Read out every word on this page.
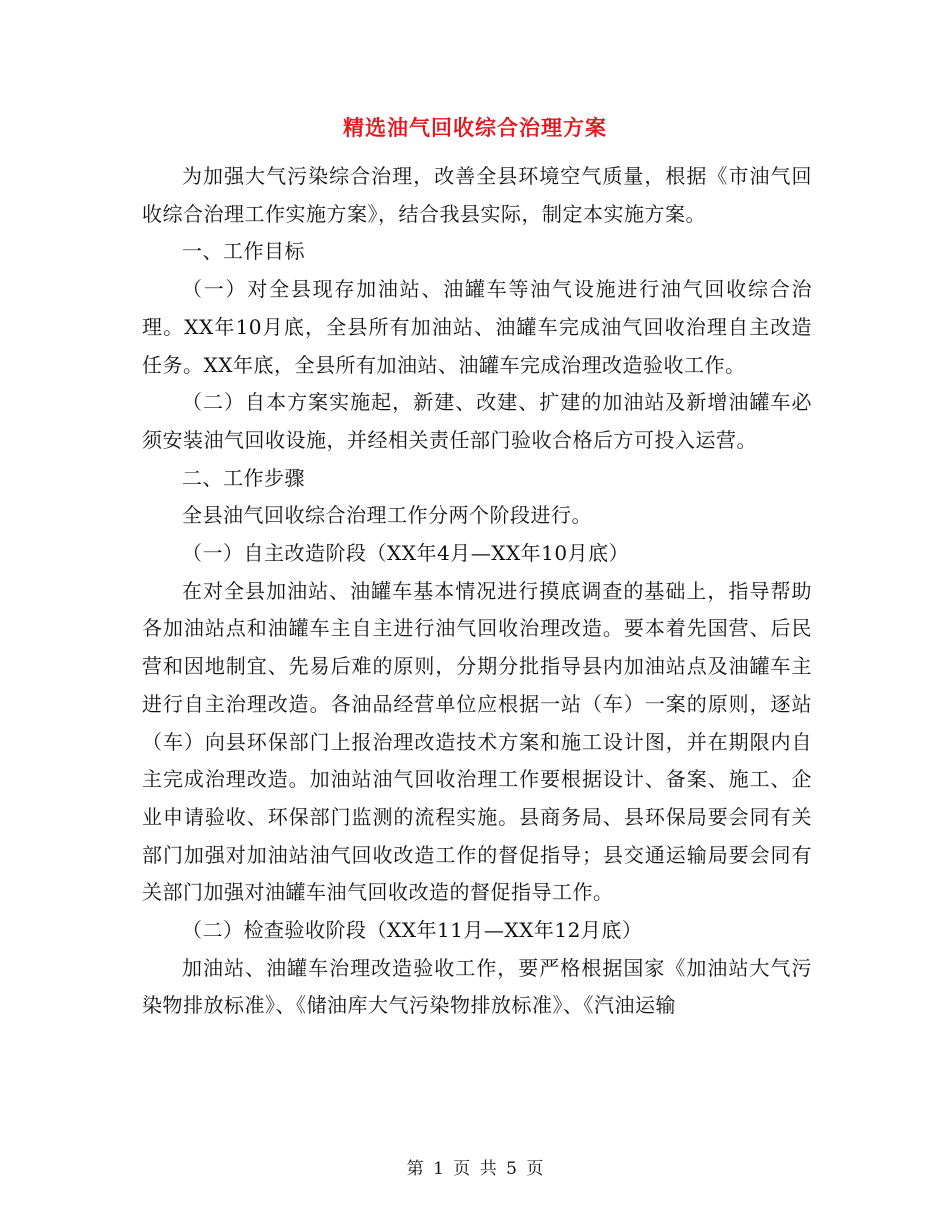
精选油气回收综合治理方案

为加强大气污染综合治理，改善全县环境空气质量，根据《市油气回收综合治理工作实施方案》，结合我县实际，制定本实施方案。

一、工作目标

（一）对全县现存加油站、油罐车等油气设施进行油气回收综合治理。XX年10月底，全县所有加油站、油罐车完成油气回收治理自主改造任务。XX年底，全县所有加油站、油罐车完成治理改造验收工作。

（二）自本方案实施起，新建、改建、扩建的加油站及新增油罐车必须安装油气回收设施，并经相关责任部门验收合格后方可投入运营。

二、工作步骤

全县油气回收综合治理工作分两个阶段进行。

（一）自主改造阶段（XX年4月—XX年10月底）

在对全县加油站、油罐车基本情况进行摸底调查的基础上，指导帮助各加油站点和油罐车主自主进行油气回收治理改造。要本着先国营、后民营和因地制宜、先易后难的原则，分期分批指导县内加油站点及油罐车主进行自主治理改造。各油品经营单位应根据一站（车）一案的原则，逐站（车）向县环保部门上报治理改造技术方案和施工设计图，并在期限内自主完成治理改造。加油站油气回收治理工作要根据设计、备案、施工、企业申请验收、环保部门监测的流程实施。县商务局、县环保局要会同有关部门加强对加油站油气回收改造工作的督促指导；县交通运输局要会同有关部门加强对油罐车油气回收改造的督促指导工作。

（二）检查验收阶段（XX年11月—XX年12月底）

加油站、油罐车治理改造验收工作，要严格根据国家《加油站大气污染物排放标准》、《储油库大气污染物排放标准》、《汽油运输

第 1 页 共 5 页
